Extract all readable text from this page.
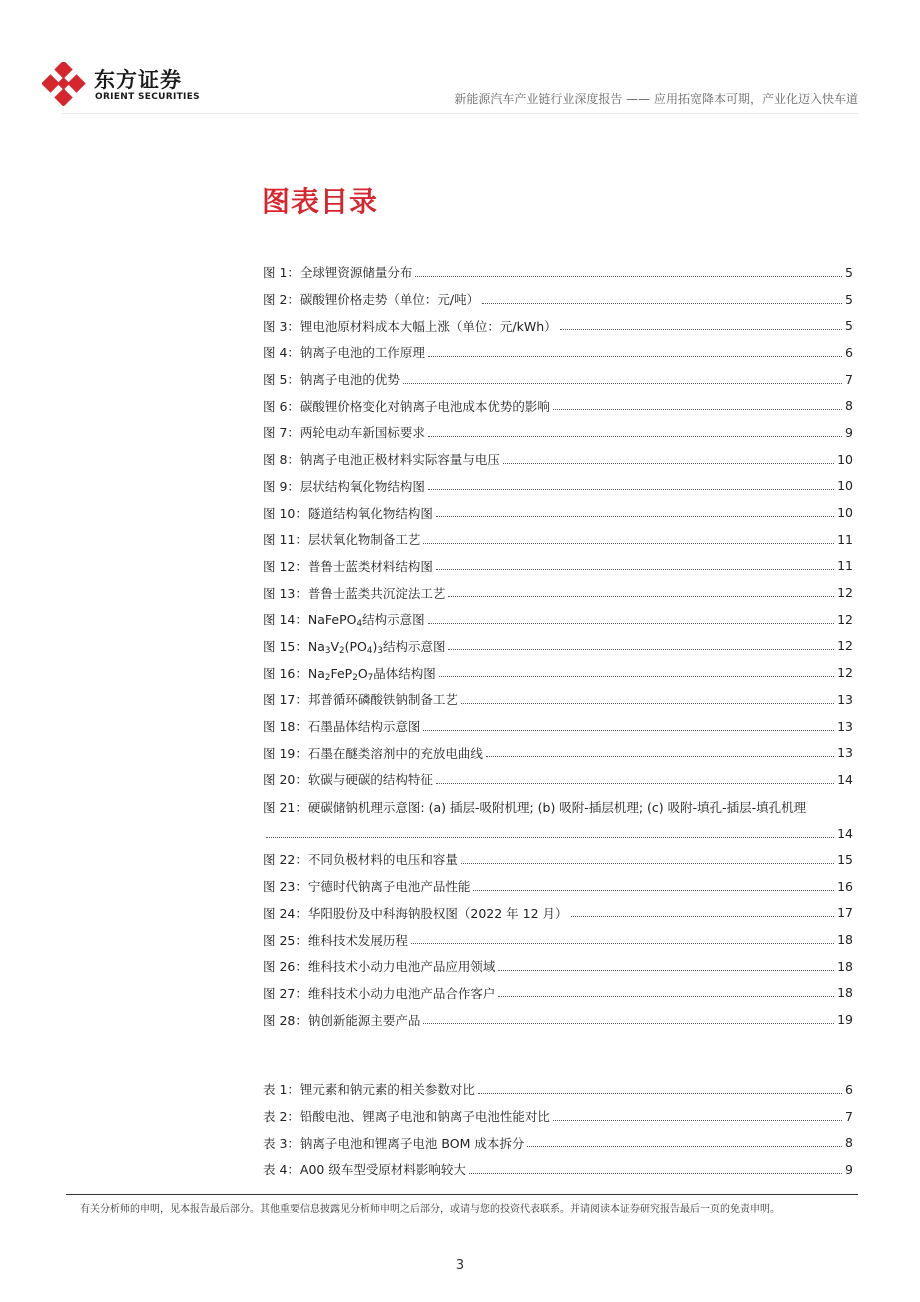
东方证券
ORIENT SECURITIES	新能源汽车产业链行业深度报告 —— 应用拓宽降本可期，产业化迈入快车道
图表目录
图 1：全球锂资源储量分布	5
图 2：碳酸锂价格走势（单位：元/吨）	5
图 3：锂电池原材料成本大幅上涨（单位：元/kWh）	5
图 4：钠离子电池的工作原理	6
图 5：钠离子电池的优势	7
图 6：碳酸锂价格变化对钠离子电池成本优势的影响	8
图 7：两轮电动车新国标要求	9
图 8：钠离子电池正极材料实际容量与电压	10
图 9：层状结构氧化物结构图	10
图 10：隧道结构氧化物结构图	10
图 11：层状氧化物制备工艺	11
图 12：普鲁士蓝类材料结构图	11
图 13：普鲁士蓝类共沉淀法工艺	12
图 14：NaFePO$_4$结构示意图	12
图 15：$Na_3V_2(PO_4)_3$结构示意图	12
图 16：$Na_2FeP_2O_7$晶体结构图	12
图 17：邦普循环磷酸铁钠制备工艺	13
图 18：石墨晶体结构示意图	13
图 19：石墨在醚类溶剂中的充放电曲线	13
图 20：软碳与硬碳的结构特征	14
图 21：硬碳储钠机理示意图: (a) 插层-吸附机理; (b) 吸附-插层机理; (c) 吸附-填孔-插层-填孔机理
14
图 22：不同负极材料的电压和容量	15
图 23：宁德时代钠离子电池产品性能	16
图 24：华阳股份及中科海钠股权图（2022 年 12 月）	17
图 25：维科技术发展历程	18
图 26：维科技术小动力电池产品应用领域	18
图 27：维科技术小动力电池产品合作客户	18
图 28：钠创新能源主要产品	19
表 1：锂元素和钠元素的相关参数对比	6
表 2：铅酸电池、锂离子电池和钠离子电池性能对比	7
表 3：钠离子电池和锂离子电池 BOM 成本拆分	8
表 4：A00 级车型受原材料影响较大	9
有关分析师的申明，见本报告最后部分。其他重要信息披露见分析师申明之后部分，或请与您的投资代表联系。并请阅读本证券研究报告最后一页的免责申明。
3
